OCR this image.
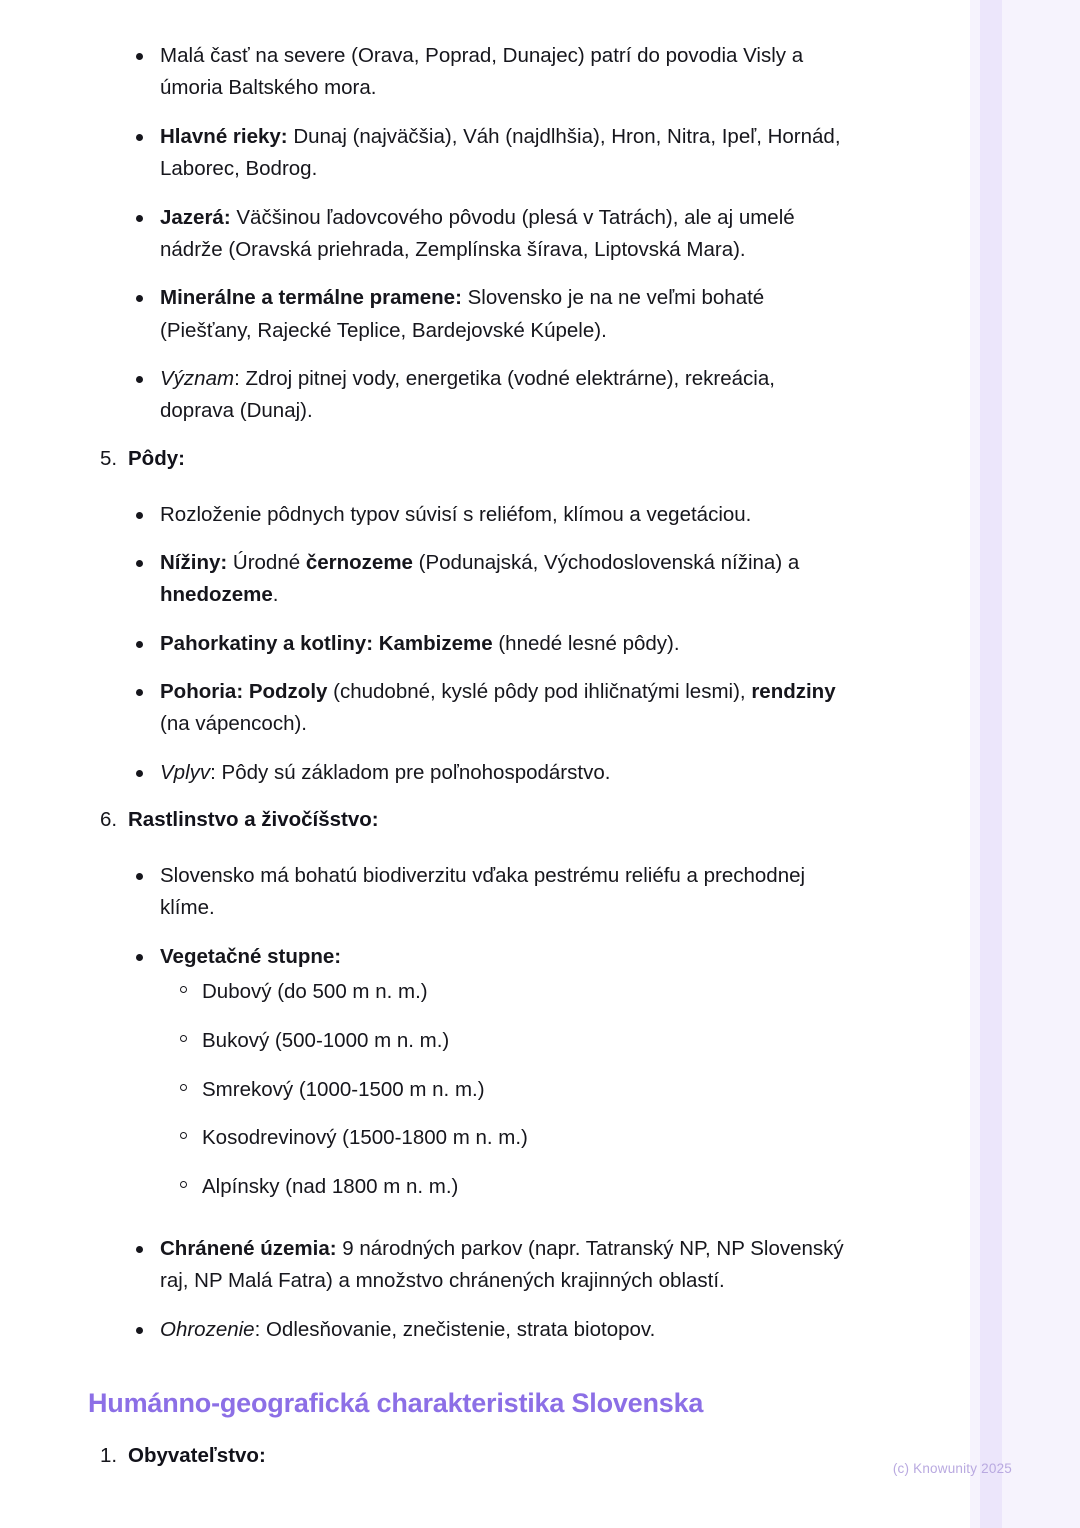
Malá časť na severe (Orava, Poprad, Dunajec) patrí do povodia Visly a úmoria Baltského mora.
Hlavné rieky: Dunaj (najväčšia), Váh (najdlhšia), Hron, Nitra, Ipeľ, Hornád, Laborec, Bodrog.
Jazerá: Väčšinou ľadovcového pôvodu (plesá v Tatrách), ale aj umelé nádrže (Oravská priehrada, Zemplínska šírava, Liptovská Mara).
Minerálne a termálne pramene: Slovensko je na ne veľmi bohaté (Piešťany, Rajecké Teplice, Bardejovské Kúpele).
Význam: Zdroj pitnej vody, energetika (vodné elektrárne), rekreácia, doprava (Dunaj).
5. Pôdy:
Rozloženie pôdnych typov súvisí s reliéfom, klímou a vegetáciou.
Nížiny: Úrodné černozeme (Podunajská, Východoslovenská nížina) a hnedozeme.
Pahorkatiny a kotliny: Kambizeme (hnedé lesné pôdy).
Pohoria: Podzoly (chudobné, kyslé pôdy pod ihličnatými lesmi), rendziny (na vápencoch).
Vplyv: Pôdy sú základom pre poľnohospodárstvo.
6. Rastlinstvo a živočíšstvo:
Slovensko má bohatú biodiverzitu vďaka pestrému reliéfu a prechodnej klíme.
Vegetačné stupne:
Dubový (do 500 m n. m.)
Bukový (500-1000 m n. m.)
Smrekový (1000-1500 m n. m.)
Kosodrevinový (1500-1800 m n. m.)
Alpínsky (nad 1800 m n. m.)
Chránené územia: 9 národných parkov (napr. Tatranský NP, NP Slovenský raj, NP Malá Fatra) a množstvo chránených krajinných oblastí.
Ohrozenie: Odlesňovanie, znečistenie, strata biotopov.
Humánno-geografická charakteristika Slovenska
1. Obyvateľstvo:
(c) Knowunity 2025
